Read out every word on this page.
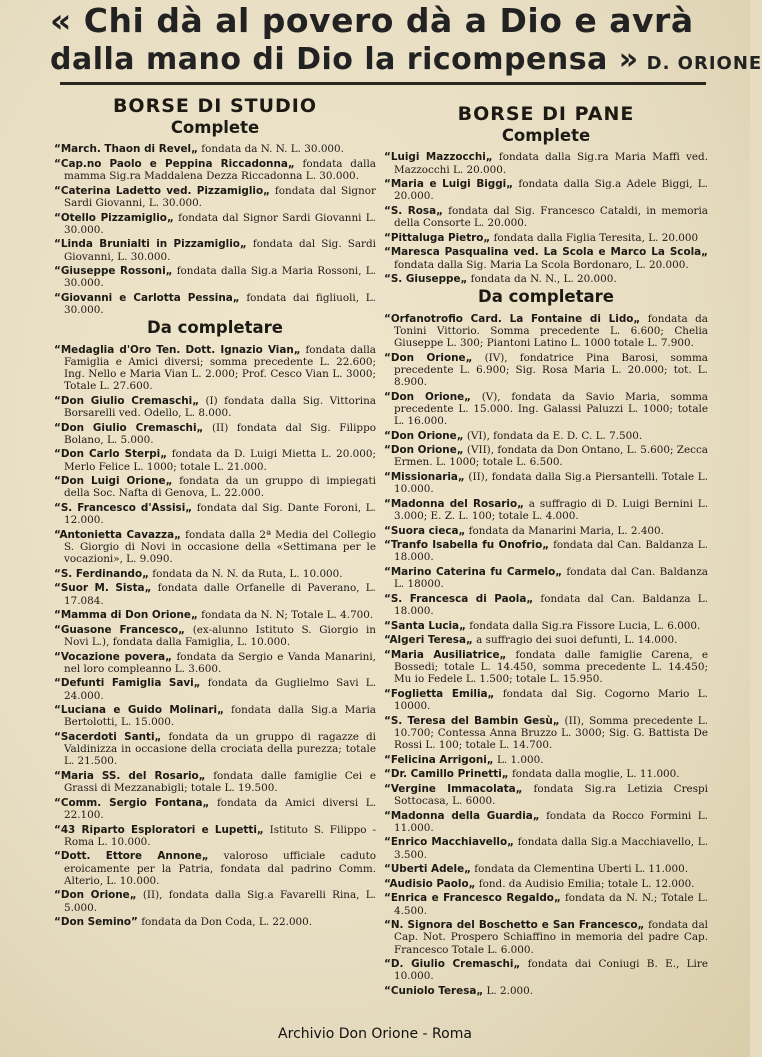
« Chi dà al povero dà a Dio e avrà
dalla mano di Dio la ricompensa » D. ORIONE
BORSE DI STUDIO
Complete

“March. Thaon di Revel„ fondata da N. N. L. 30.000.

“Cap.no Paolo e Peppina Riccadonna„ fondata dalla mamma Sig.ra Maddalena Dezza Riccadonna L. 30.000.

“Caterina Ladetto ved. Pizzamiglio„ fondata dal Signor Sardi Giovanni, L. 30.000.

“Otello Pizzamiglio„ fondata dal Signor Sardi Giovanni L. 30.000.

“Linda Brunialti in Pizzamiglio„ fondata dal Sig. Sardi Giovanni, L. 30.000.

“Giuseppe Rossoni„ fondata dalla Sig.a Maria Rossoni, L. 30.000.

“Giovanni e Carlotta Pessina„ fondata dai figliuoli, L. 30.000.

Da completare

“Medaglia d'Oro Ten. Dott. Ignazio Vian„ fondata dalla Famiglia e Amici diversi; somma precedente L. 22.600; Ing. Nello e Maria Vian L. 2.000; Prof. Cesco Vian L. 3000; Totale L. 27.600.

“Don Giulio Cremaschi„ (I) fondata dalla Sig. Vittorina Borsarelli ved. Odello, L. 8.000.

“Don Giulio Cremaschi„ (II) fondata dal Sig. Filippo Bolano, L. 5.000.

“Don Carlo Sterpi„ fondata da D. Luigi Mietta L. 20.000; Merlo Felice L. 1000; totale L. 21.000.

“Don Luigi Orione„ fondata da un gruppo di impiegati della Soc. Nafta di Genova, L. 22.000.

“S. Francesco d'Assisi„ fondata dal Sig. Dante Foroni, L. 12.000.

“Antonietta Cavazza„ fondata dalla 2ª Media del Collegio S. Giorgio di Novi in occasione della «Settimana per le vocazioni», L. 9.090.

“S. Ferdinando„ fondata da N. N. da Ruta, L. 10.000.

“Suor M. Sista„ fondata dalle Orfanelle di Paverano, L. 17.084.

“Mamma di Don Orione„ fondata da N. N; Totale L. 4.700.

“Guasone Francesco„ (ex-alunno Istituto S. Giorgio in Novi L.), fondata dalla Famiglia, L. 10.000.

“Vocazione povera„ fondata da Sergio e Vanda Manarini, nel loro compleanno L. 3.600.

“Defunti Famiglia Savi„ fondata da Guglielmo Savi L. 24.000.

“Luciana e Guido Molinari„ fondata dalla Sig.a Maria Bertolotti, L. 15.000.

“Sacerdoti Santi„ fondata da un gruppo di ragazze di Valdinizza in occasione della crociata della purezza; totale L. 21.500.

“Maria SS. del Rosario„ fondata dalle famiglie Cei e Grassi di Mezzanabigli; totale L. 19.500.

“Comm. Sergio Fontana„ fondata da Amici diversi L. 22.100.

“43 Riparto Esploratori e Lupetti„ Istituto S. Filippo - Roma L. 10.000.

“Dott. Ettore Annone„ valoroso ufficiale caduto eroicamente per la Patria, fondata dal padrino Comm. Alterio, L. 10.000.

“Don Orione„ (II), fondata dalla Sig.a Favarelli Rina, L. 5.000.

“Don Semino” fondata da Don Coda, L. 22.000.

BORSE DI PANE
Complete

“Luigi Mazzocchi„ fondata dalla Sig.ra Maria Maffi ved. Mazzocchi L. 20.000.

“Maria e Luigi Biggi„ fondata dalla Sig.a Adele Biggi, L. 20.000.

“S. Rosa„ fondata dal Sig. Francesco Cataldi, in memoria della Consorte L. 20.000.

“Pittaluga Pietro„ fondata dalla Figlia Teresita, L. 20.000

“Maresca Pasqualina ved. La Scola e Marco La Scola„ fondata dalla Sig. Maria La Scola Bordonaro, L. 20.000.

“S. Giuseppe„ fondata da N. N., L. 20.000.

Da completare

“Orfanotrofio Card. La Fontaine di Lido„ fondata da Tonini Vittorio. Somma precedente L. 6.600; Chelia Giuseppe L. 300; Piantoni Latino L. 1000 totale L. 7.900.

“Don Orione„ (IV), fondatrice Pina Barosi, somma precedente L. 6.900; Sig. Rosa Maria L. 20.000; tot. L. 8.900.

“Don Orione„ (V), fondata da Savio Maria, somma precedente L. 15.000. Ing. Galassi Paluzzi L. 1000; totale L. 16.000.

“Don Orione„ (VI), fondata da E. D. C. L. 7.500.

“Don Orione„ (VII), fondata da Don Ontano, L. 5.600; Zecca Ermen. L. 1000; totale L. 6.500.

“Missionaria„ (II), fondata dalla Sig.a Piersantelli. Totale L. 10.000.

“Madonna del Rosario„ a suffragio di D. Luigi Bernini L. 3.000; E. Z. L. 100; totale L. 4.000.

“Suora cieca„ fondata da Manarini Maria, L. 2.400.

“Tranfo Isabella fu Onofrio„ fondata dal Can. Baldanza L. 18.000.

“Marino Caterina fu Carmelo„ fondata dal Can. Baldanza L. 18000.

“S. Francesca di Paola„ fondata dal Can. Baldanza L. 18.000.

“Santa Lucia„ fondata dalla Sig.ra Fissore Lucia, L. 6.000.

“Algeri Teresa„ a suffragio dei suoi defunti, L. 14.000.

“Maria Ausiliatrice„ fondata dalle famiglie Carena, e Bossedi; totale L. 14.450, somma precedente L. 14.450; Mu io Fedele L. 1.500; totale L. 15.950.

“Foglietta Emilia„ fondata dal Sig. Cogorno Mario L. 10000.

“S. Teresa del Bambin Gesù„ (II), Somma precedente L. 10.700; Contessa Anna Bruzzo L. 3000; Sig. G. Battista De Rossi L. 100; totale L. 14.700.

“Felicina Arrigoni„ L. 1.000.

“Dr. Camillo Prinetti„ fondata dalla moglie, L. 11.000.

“Vergine Immacolata„ fondata Sig.ra Letizia Crespi Sottocasa, L. 6000.

“Madonna della Guardia„ fondata da Rocco Formini L. 11.000.

“Enrico Macchiavello„ fondata dalla Sig.a Macchiavello, L. 3.500.

“Uberti Adele„ fondata da Clementina Uberti L. 11.000.

“Audisio Paolo„ fond. da Audisio Emilia; totale L. 12.000.

“Enrica e Francesco Regaldo„ fondata da N. N.; Totale L. 4.500.

“N. Signora del Boschetto e San Francesco„ fondata dal Cap. Not. Prospero Schiaffino in memoria del padre Cap. Francesco Totale L. 6.000.

“D. Giulio Cremaschi„ fondata dai Coniugi B. E., Lire 10.000.

“Cuniolo Teresa„ L. 2.000.

Archivio Don Orione - Roma
